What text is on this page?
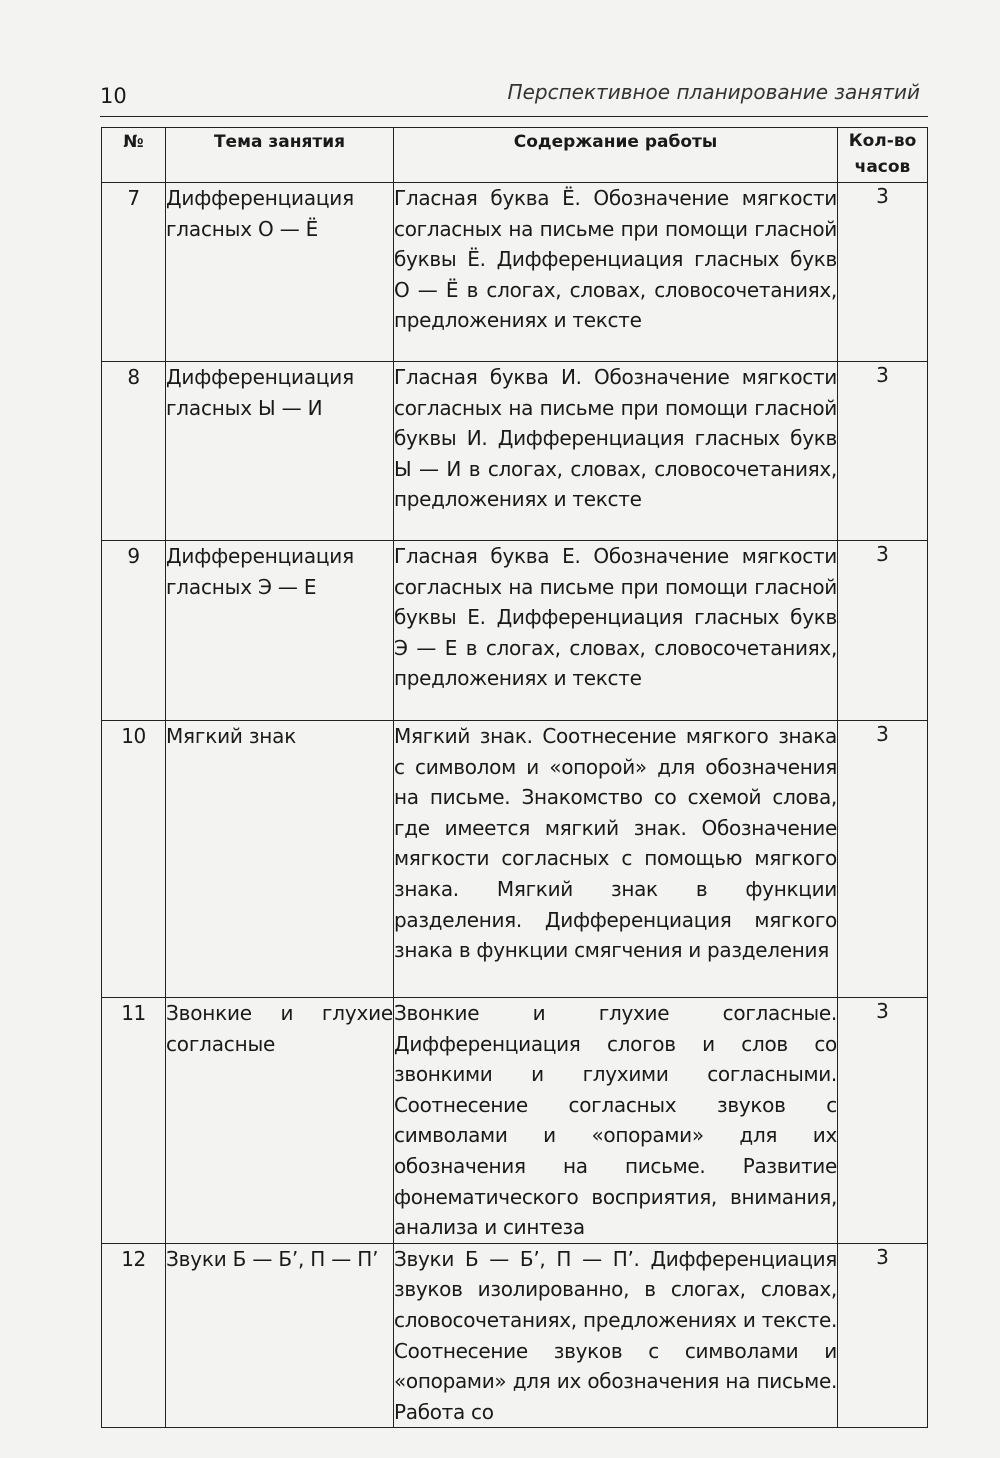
10	Перспективное планирование занятий
№	Тема занятия	Содержание работы	Кол-во
часов
7	Дифференциация гласных О — Ё	Гласная буква Ё. Обозначение мягкости согласных на письме при помощи гласной буквы Ё. Дифференциация гласных букв О — Ё в слогах, словах, словосочетаниях, предложениях и тексте	3
8	Дифференциация гласных Ы — И	Гласная буква И. Обозначение мягкости согласных на письме при помощи гласной буквы И. Дифференциация гласных букв Ы — И в слогах, словах, словосочетаниях, предложениях и тексте	3
9	Дифференциация гласных Э — Е	Гласная буква Е. Обозначение мягкости согласных на письме при помощи гласной буквы Е. Дифференциация гласных букв Э — Е в слогах, словах, словосочетаниях, предложениях и тексте	3
10	Мягкий знак	Мягкий знак. Соотнесение мягкого знака с символом и «опорой» для обозначения на письме. Знакомство со схемой слова, где имеется мягкий знак. Обозначение мягкости согласных с помощью мягкого знака. Мягкий знак в функции разделения. Дифференциация мягкого знака в функции смягчения и разделения	3
11	Звонкие и глухие согласные	Звонкие и глухие согласные. Дифференциация слогов и слов со звонкими и глухими согласными. Соотнесение согласных звуков с символами и «опорами» для их обозначения на письме. Развитие фонематического восприятия, внимания, анализа и синтеза	3
12	Звуки Б — Б’, П — П’	Звуки Б — Б’, П — П’. Дифференциация звуков изолированно, в слогах, словах, словосочетаниях, предложениях и тексте. Соотнесение звуков с символами и «опорами» для их обозначения на письме. Работа со	3
